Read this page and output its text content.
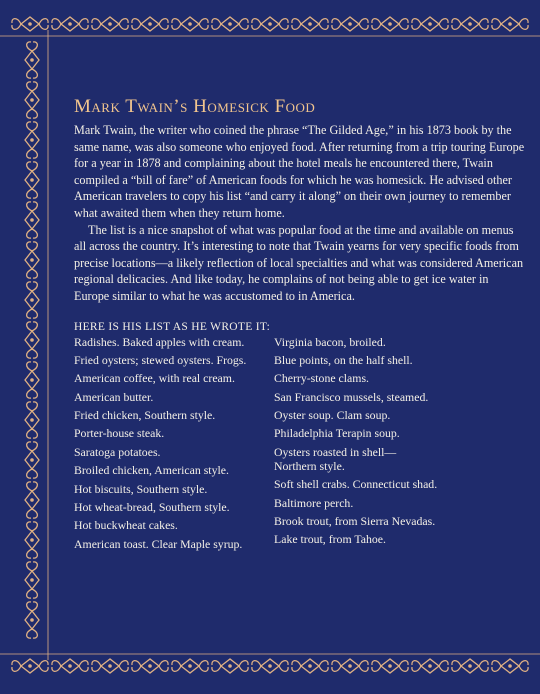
Mark Twain’s Homesick Food

Mark Twain, the writer who coined the phrase “The Gilded Age,” in his 1873 book by the same name, was also someone who enjoyed food. After returning from a trip touring Europe for a year in 1878 and complaining about the hotel meals he encountered there, Twain compiled a “bill of fare” of American foods for which he was homesick. He advised other American travelers to copy his list “and carry it along” on their own journey to remember what awaited them when they return home.

The list is a nice snapshot of what was popular food at the time and available on menus all across the country. It’s interesting to note that Twain yearns for very specific foods from precise locations—a likely reflection of local specialties and what was considered American regional delicacies. And like today, he complains of not being able to get ice water in Europe similar to what he was accustomed to in America.

HERE IS HIS LIST AS HE WROTE IT:
Radishes. Baked apples with cream.
Fried oysters; stewed oysters. Frogs.
American coffee, with real cream.
American butter.
Fried chicken, Southern style.
Porter-house steak.
Saratoga potatoes.
Broiled chicken, American style.
Hot biscuits, Southern style.
Hot wheat-bread, Southern style.
Hot buckwheat cakes.
American toast. Clear Maple syrup.
Virginia bacon, broiled.
Blue points, on the half shell.
Cherry-stone clams.
San Francisco mussels, steamed.
Oyster soup. Clam soup.
Philadelphia Terapin soup.
Oysters roasted in shell—
Northern style.
Soft shell crabs. Connecticut shad.
Baltimore perch.
Brook trout, from Sierra Nevadas.
Lake trout, from Tahoe.
